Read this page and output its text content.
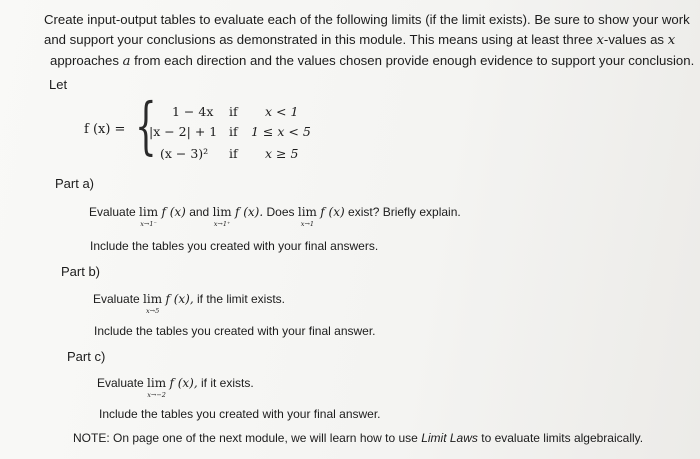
Create input-output tables to evaluate each of the following limits (if the limit exists). Be sure to show your work
and support your conclusions as demonstrated in this module. This means using at least three x-values as x
approaches a from each direction and the values chosen provide enough evidence to support your conclusion.
Let
f (x) = { 1 − 4x if x < 1
|x − 2| + 1 if 1 ≤ x < 5
(x − 3)² if x ≥ 5
Part a)
Evaluate lim
x→1⁻
f (x) and lim
x→1⁺
f (x). Does lim
x→1
f (x) exist? Briefly explain.
Include the tables you created with your final answers.
Part b)
Evaluate lim
x→5
f (x), if the limit exists.
Include the tables you created with your final answer.
Part c)
Evaluate lim
x→−2
f (x), if it exists.
Include the tables you created with your final answer.
NOTE: On page one of the next module, we will learn how to use Limit Laws to evaluate limits algebraically.
